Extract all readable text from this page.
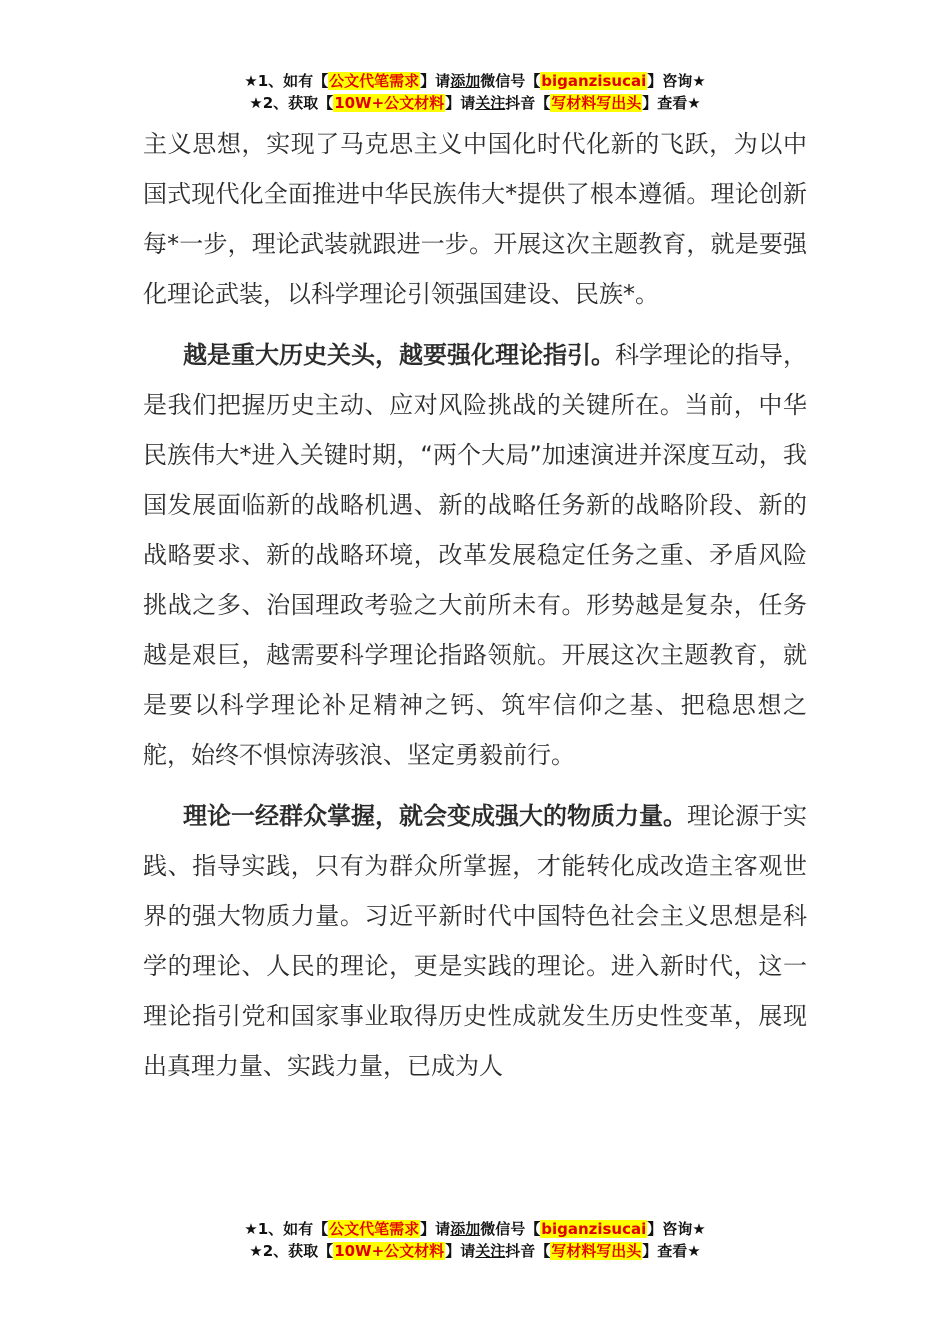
★1、如有【公文代笔需求】请添加微信号【biganzisucai】咨询★
★2、获取【10W+公文材料】请关注抖音【写材料写出头】查看★

主义思想，实现了马克思主义中国化时代化新的飞跃，为以中国式现代化全面推进中华民族伟大*提供了根本遵循。理论创新每*一步，理论武装就跟进一步。开展这次主题教育，就是要强化理论武装，以科学理论引领强国建设、民族*。

越是重大历史关头，越要强化理论指引。科学理论的指导，是我们把握历史主动、应对风险挑战的关键所在。当前，中华民族伟大*进入关键时期，“两个大局”加速演进并深度互动，我国发展面临新的战略机遇、新的战略任务新的战略阶段、新的战略要求、新的战略环境，改革发展稳定任务之重、矛盾风险挑战之多、治国理政考验之大前所未有。形势越是复杂，任务越是艰巨，越需要科学理论指路领航。开展这次主题教育，就是要以科学理论补足精神之钙、筑牢信仰之基、把稳思想之舵，始终不惧惊涛骇浪、坚定勇毅前行。

理论一经群众掌握，就会变成强大的物质力量。理论源于实践、指导实践，只有为群众所掌握，才能转化成改造主客观世界的强大物质力量。习近平新时代中国特色社会主义思想是科学的理论、人民的理论，更是实践的理论。进入新时代，这一理论指引党和国家事业取得历史性成就发生历史性变革，展现出真理力量、实践力量，已成为人

★1、如有【公文代笔需求】请添加微信号【biganzisucai】咨询★
★2、获取【10W+公文材料】请关注抖音【写材料写出头】查看★
